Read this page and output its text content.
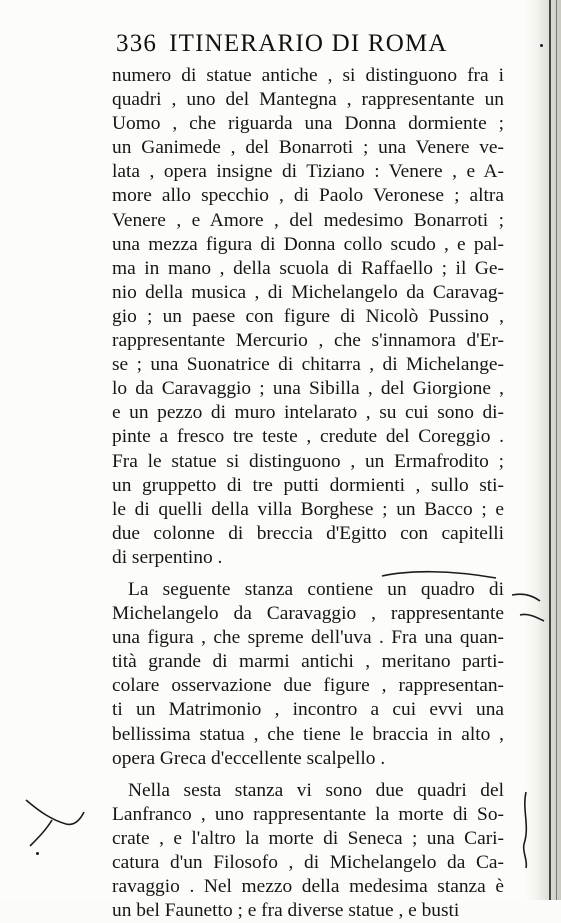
336 ITINERARIO DI ROMA
numero di statue antiche , si distinguono fra i
quadri , uno del Mantegna , rappresentante un
Uomo , che riguarda una Donna dormiente ;
un Ganimede , del Bonarroti ; una Venere ve-
lata , opera insigne di Tiziano : Venere , e A-
more allo specchio , di Paolo Veronese ; altra
Venere , e Amore , del medesimo Bonarroti ;
una mezza figura di Donna collo scudo , e pal-
ma in mano , della scuola di Raffaello ; il Ge-
nio della musica , di Michelangelo da Caravag-
gio ; un paese con figure di Nicolò Pussino ,
rappresentante Mercurio , che s'innamora d'Er-
se ; una Suonatrice di chitarra , di Michelange-
lo da Caravaggio ; una Sibilla , del Giorgione ,
e un pezzo di muro intelarato , su cui sono di-
pinte a fresco tre teste , credute del Coreggio .
Fra le statue si distinguono , un Ermafrodito ;
un gruppetto di tre putti dormienti , sullo sti-
le di quelli della villa Borghese ; un Bacco ; e
due colonne di breccia d'Egitto con capitelli
di serpentino .
La seguente stanza contiene un quadro di
Michelangelo da Caravaggio , rappresentante
una figura , che spreme dell'uva . Fra una quan-
tità grande di marmi antichi , meritano parti-
colare osservazione due figure , rappresentan-
ti un Matrimonio , incontro a cui evvi una
bellissima statua , che tiene le braccia in alto ,
opera Greca d'eccellente scalpello .
Nella sesta stanza vi sono due quadri del
Lanfranco , uno rappresentante la morte di So-
crate , e l'altro la morte di Seneca ; una Cari-
catura d'un Filosofo , di Michelangelo da Ca-
ravaggio . Nel mezzo della medesima stanza è
un bel Faunetto ; e fra diverse statue , e busti
